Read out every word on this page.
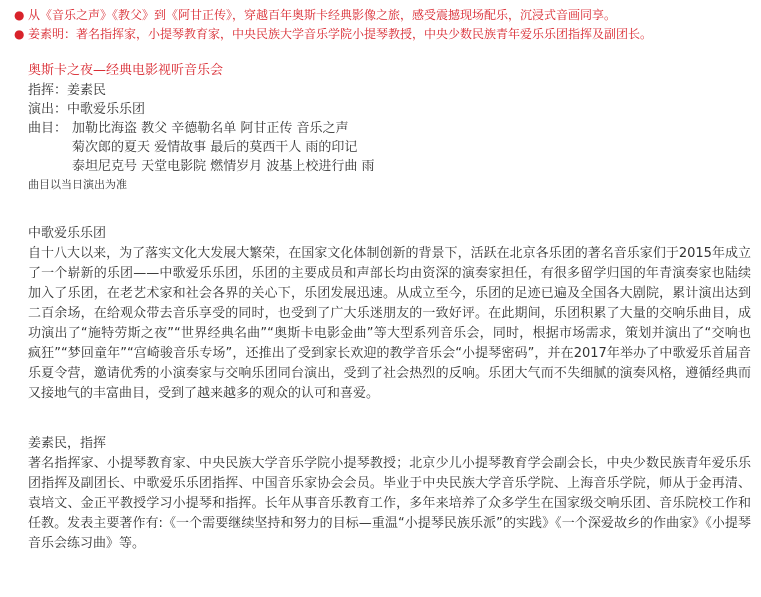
● 从《音乐之声》《教父》到《阿甘正传》，穿越百年奥斯卡经典影像之旅，感受震撼现场配乐，沉浸式音画同享。
● 姜素明：著名指挥家，小提琴教育家，中央民族大学音乐学院小提琴教授，中央少数民族青年爱乐乐团指挥及副团长。
奥斯卡之夜—经典电影视听音乐会
指挥：姜素民
演出：中歌爱乐乐团
曲目： 加勒比海盗 教父 辛德勒名单 阿甘正传 音乐之声
菊次郎的夏天 爱情故事 最后的莫西干人 雨的印记
泰坦尼克号 天堂电影院 燃情岁月 波基上校进行曲 雨
曲目以当日演出为准
中歌爱乐乐团

自十八大以来，为了落实文化大发展大繁荣，在国家文化体制创新的背景下，活跃在北京各乐团的著名音乐家们于2015年成立了一个崭新的乐团——中歌爱乐乐团，乐团的主要成员和声部长均由资深的演奏家担任，有很多留学归国的年青演奏家也陆续加入了乐团，在老艺术家和社会各界的关心下，乐团发展迅速。从成立至今，乐团的足迹已遍及全国各大剧院，累计演出达到二百余场，在给观众带去音乐享受的同时，也受到了广大乐迷朋友的一致好评。在此期间，乐团积累了大量的交响乐曲目，成功演出了“施特劳斯之夜”“世界经典名曲”“奥斯卡电影金曲”等大型系列音乐会，同时，根据市场需求，策划并演出了“交响也疯狂”“梦回童年”“宫崎骏音乐专场”，还推出了受到家长欢迎的教学音乐会“小提琴密码”，并在2017年举办了中歌爱乐首届音乐夏令营，邀请优秀的小演奏家与交响乐团同台演出，受到了社会热烈的反响。乐团大气而不失细腻的演奏风格，遵循经典而又接地气的丰富曲目，受到了越来越多的观众的认可和喜爱。

姜素民，指挥

著名指挥家、小提琴教育家、中央民族大学音乐学院小提琴教授；北京少儿小提琴教育学会副会长，中央少数民族青年爱乐乐团指挥及副团长、中歌爱乐乐团指挥、中国音乐家协会会员。毕业于中央民族大学音乐学院、上海音乐学院，师从于金再清、袁培文、金正平教授学习小提琴和指挥。长年从事音乐教育工作，多年来培养了众多学生在国家级交响乐团、音乐院校工作和任教。发表主要著作有:《一个需要继续坚持和努力的目标—重温“小提琴民族乐派”的实践》《一个深爱故乡的作曲家》《小提琴音乐会练习曲》等。
